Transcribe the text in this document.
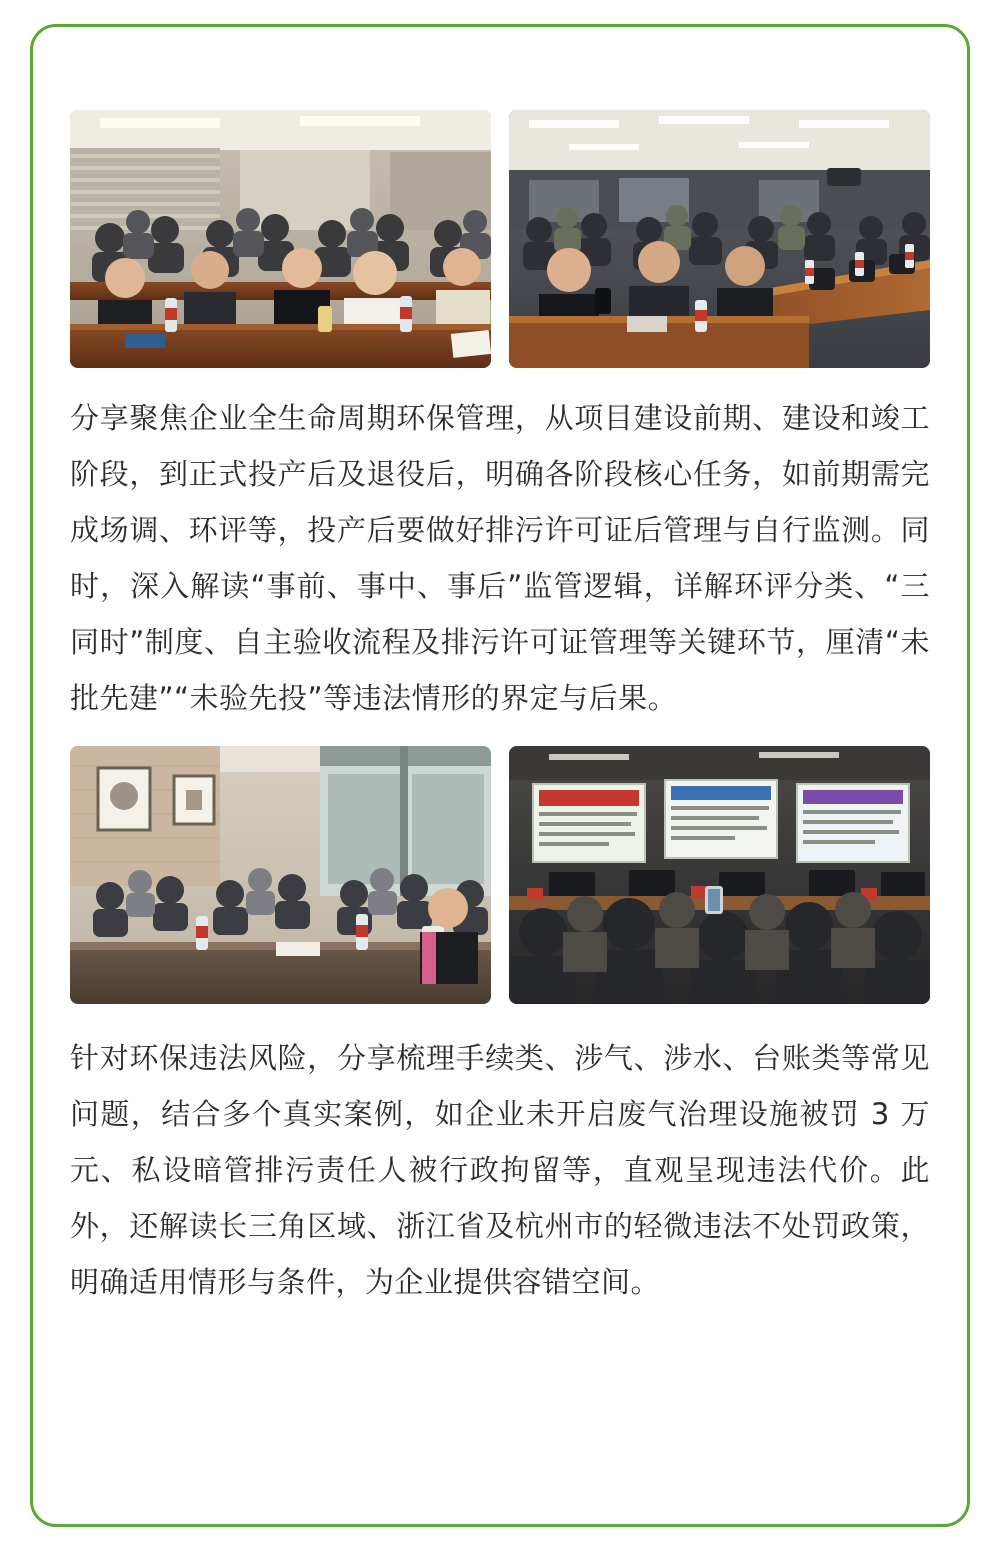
分享聚焦企业全生命周期环保管理，从项目建设前期、建设和竣工阶段，到正式投产后及退役后，明确各阶段核心任务，如前期需完成场调、环评等，投产后要做好排污许可证后管理与自行监测。同时，深入解读“事前、事中、事后”监管逻辑，详解环评分类、“三同时”制度、自主验收流程及排污许可证管理等关键环节，厘清“未批先建”“未验先投”等违法情形的界定与后果。

针对环保违法风险，分享梳理手续类、涉气、涉水、台账类等常见问题，结合多个真实案例，如企业未开启废气治理设施被罚 3 万元、私设暗管排污责任人被行政拘留等，直观呈现违法代价。此外，还解读长三角区域、浙江省及杭州市的轻微违法不处罚政策，明确适用情形与条件，为企业提供容错空间。
